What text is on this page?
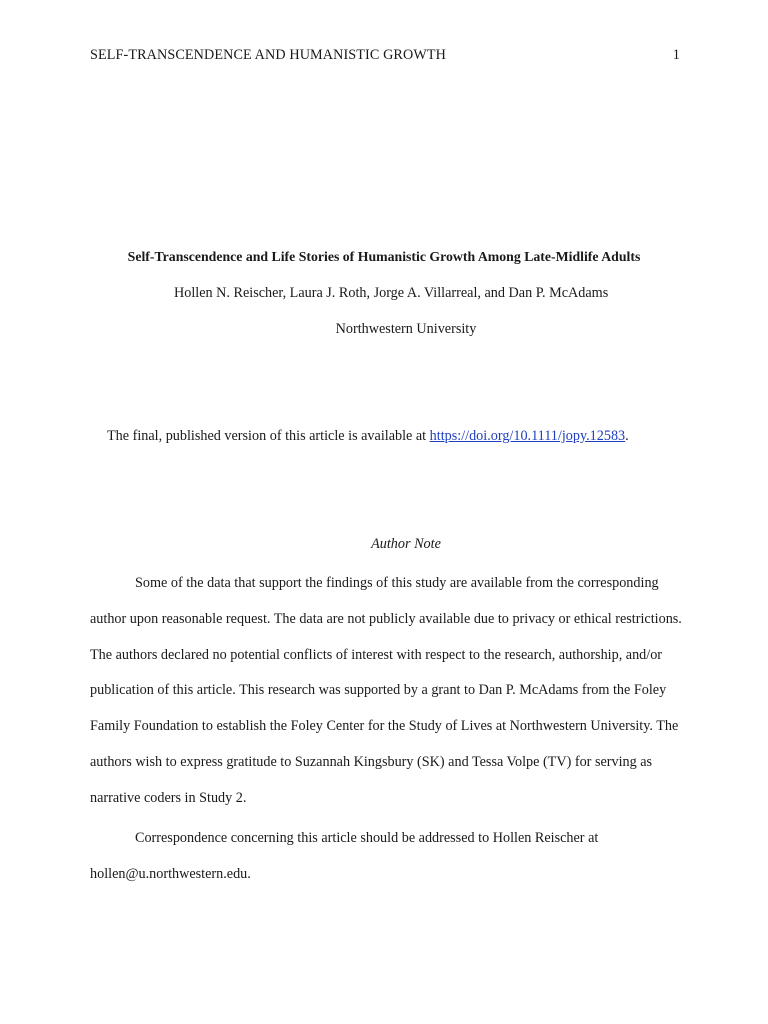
SELF-TRANSCENDENCE AND HUMANISTIC GROWTH	1
Self-Transcendence and Life Stories of Humanistic Growth Among Late-Midlife Adults
Hollen N. Reischer, Laura J. Roth, Jorge A. Villarreal, and Dan P. McAdams
Northwestern University
The final, published version of this article is available at https://doi.org/10.1111/jopy.12583.
Author Note

Some of the data that support the findings of this study are available from the corresponding author upon reasonable request. The data are not publicly available due to privacy or ethical restrictions. The authors declared no potential conflicts of interest with respect to the research, authorship, and/or publication of this article. This research was supported by a grant to Dan P. McAdams from the Foley Family Foundation to establish the Foley Center for the Study of Lives at Northwestern University. The authors wish to express gratitude to Suzannah Kingsbury (SK) and Tessa Volpe (TV) for serving as narrative coders in Study 2.

Correspondence concerning this article should be addressed to Hollen Reischer at hollen@u.northwestern.edu.
